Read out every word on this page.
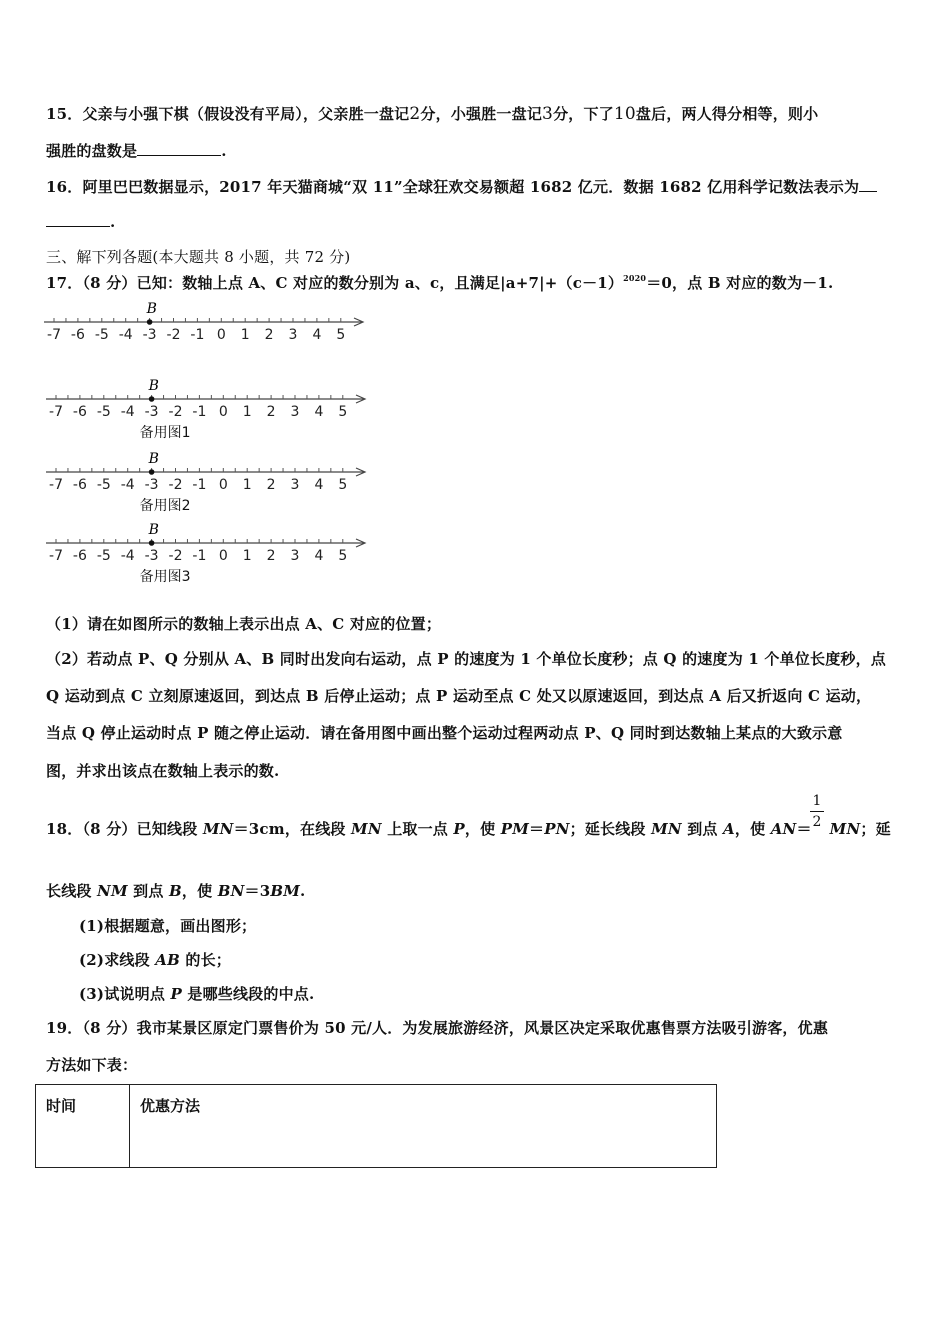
15．父亲与小强下棋（假设没有平局），父亲胜一盘记2分，小强胜一盘记3分，下了10盘后，两人得分相等，则小
强胜的盘数是	.
16．阿里巴巴数据显示，2017 年天猫商城“双 11”全球狂欢交易额超 1682 亿元．数据 1682 亿用科学记数法表示为
.
三、解下列各题(本大题共 8 小题，共 72 分)
17．（8 分）已知：数轴上点 A、C 对应的数分别为 a、c，且满足$|a+7|+(c-1)^{2020}=0$，点 B 对应的数为－1.
-7 -6 -5 -4 -3 -2 -1 0 1 2 3 4 5
B
-7 -6 -5 -4 -3 -2 -1 0 1 2 3 4 5
B
备用图1
-7 -6 -5 -4 -3 -2 -1 0 1 2 3 4 5
B
备用图2
-7 -6 -5 -4 -3 -2 -1 0 1 2 3 4 5
B
备用图3
（1）请在如图所示的数轴上表示出点 A、C 对应的位置；
（2）若动点 P、Q 分别从 A、B 同时出发向右运动，点 P 的速度为 1 个单位长度秒；点 Q 的速度为 1 个单位长度秒，点
Q 运动到点 C 立刻原速返回，到达点 B 后停止运动；点 P 运动至点 C 处又以原速返回，到达点 A 后又折返向 C 运动，
当点 Q 停止运动时点 P 随之停止运动．请在备用图中画出整个运动过程两动点 P、Q 同时到达数轴上某点的大致示意
图，并求出该点在数轴上表示的数.
18．（8 分）已知线段 MN＝3cm，在线段 MN 上取一点 P，使 PM＝PN；延长线段 MN 到点 A，使 AN＝ MN；延
1
2
长线段 NM 到点 B，使 BN＝3BM.
(1)根据题意，画出图形；
(2)求线段 AB 的长；
(3)试说明点 P 是哪些线段的中点.
19．（8 分）我市某景区原定门票售价为 50 元/人．为发展旅游经济，风景区决定采取优惠售票方法吸引游客，优惠
方法如下表：
时间	优惠方法
